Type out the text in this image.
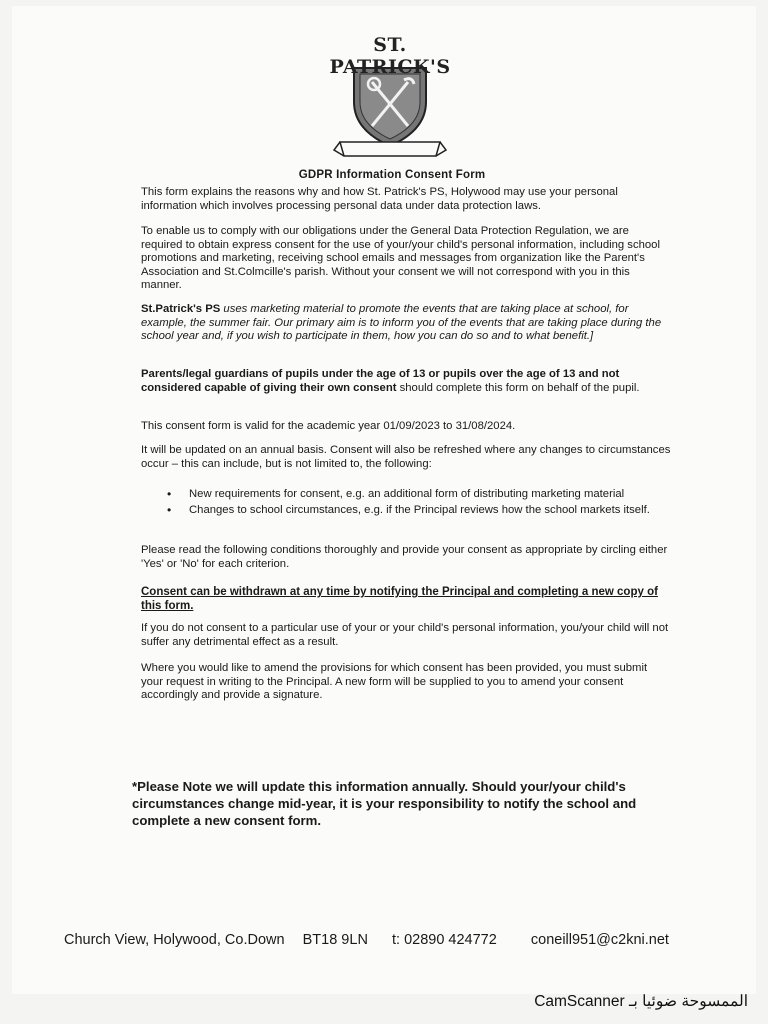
ST. PATRICK'S
GDPR Information Consent Form

This form explains the reasons why and how St. Patrick's PS, Holywood may use your personal information which involves processing personal data under data protection laws.

To enable us to comply with our obligations under the General Data Protection Regulation, we are required to obtain express consent for the use of your/your child's personal information, including school promotions and marketing, receiving school emails and messages from organization like the Parent's Association and St.Colmcille's parish. Without your consent we will not correspond with you in this manner.

St.Patrick's PS uses marketing material to promote the events that are taking place at school, for example, the summer fair. Our primary aim is to inform you of the events that are taking place during the school year and, if you wish to participate in them, how you can do so and to what benefit.]

Parents/legal guardians of pupils under the age of 13 or pupils over the age of 13 and not considered capable of giving their own consent should complete this form on behalf of the pupil.

This consent form is valid for the academic year 01/09/2023 to 31/08/2024.

It will be updated on an annual basis. Consent will also be refreshed where any changes to circumstances occur – this can include, but is not limited to, the following:

• New requirements for consent, e.g. an additional form of distributing marketing material
• Changes to school circumstances, e.g. if the Principal reviews how the school markets itself.

Please read the following conditions thoroughly and provide your consent as appropriate by circling either 'Yes' or 'No' for each criterion.

Consent can be withdrawn at any time by notifying the Principal and completing a new copy of this form.

If you do not consent to a particular use of your or your child's personal information, you/your child will not suffer any detrimental effect as a result.

Where you would like to amend the provisions for which consent has been provided, you must submit your request in writing to the Principal. A new form will be supplied to you to amend your consent accordingly and provide a signature.

*Please Note we will update this information annually. Should your/your child's circumstances change mid-year, it is your responsibility to notify the school and complete a new consent form.
Church View, Holywood, Co.Down BT18 9LN t: 02890 424772 coneill951@c2kni.net
CamScanner الممسوحة ضوئيا بـ
